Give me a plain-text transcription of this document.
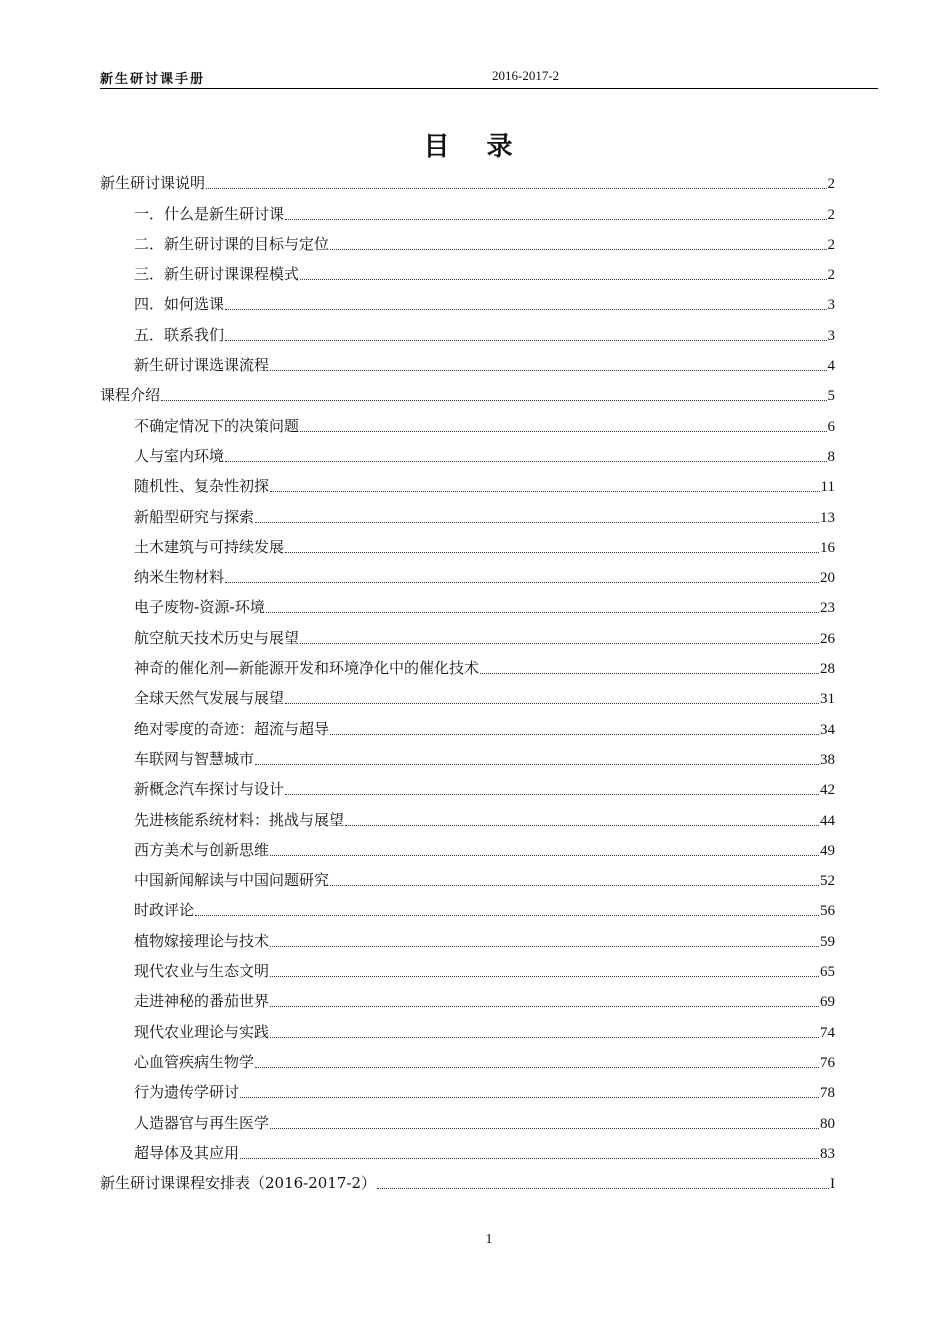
新生研讨课手册	2016-2017-2
目 录
新生研讨课说明	2
一．什么是新生研讨课	2
二．新生研讨课的目标与定位	2
三．新生研讨课课程模式	2
四．如何选课	3
五．联系我们	3
新生研讨课选课流程	4
课程介绍	5
不确定情况下的决策问题	6
人与室内环境	8
随机性、复杂性初探	11
新船型研究与探索	13
土木建筑与可持续发展	16
纳米生物材料	20
电子废物-资源-环境	23
航空航天技术历史与展望	26
神奇的催化剂—新能源开发和环境净化中的催化技术	28
全球天然气发展与展望	31
绝对零度的奇迹：超流与超导	34
车联网与智慧城市	38
新概念汽车探讨与设计	42
先进核能系统材料：挑战与展望	44
西方美术与创新思维	49
中国新闻解读与中国问题研究	52
时政评论	56
植物嫁接理论与技术	59
现代农业与生态文明	65
走进神秘的番茄世界	69
现代农业理论与实践	74
心血管疾病生物学	76
行为遗传学研讨	78
人造器官与再生医学	80
超导体及其应用	83
新生研讨课课程安排表（2016-2017-2）	I
1
